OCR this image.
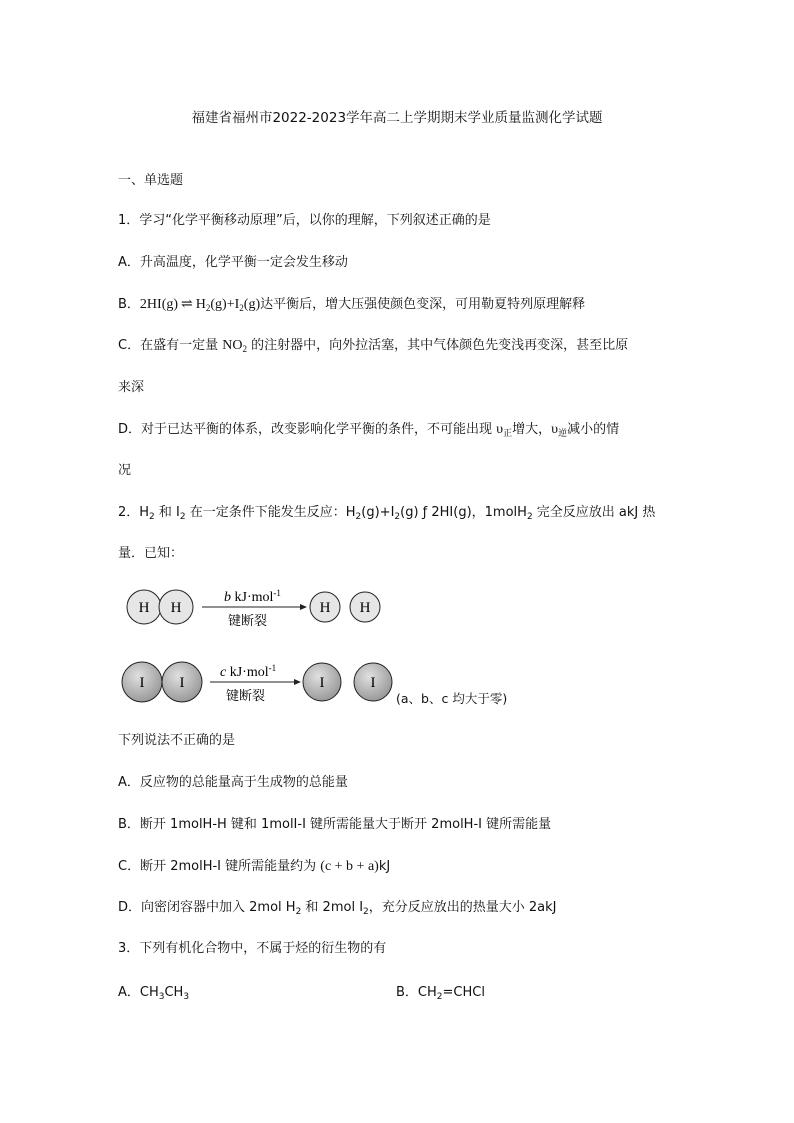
福建省福州市2022-2023学年高二上学期期末学业质量监测化学试题
一、单选题
1．学习“化学平衡移动原理”后，以你的理解，下列叙述正确的是
A．升高温度，化学平衡一定会发生移动
B．2HI(g) ⇌ $H_2(g)+I_2(g)$达平衡后，增大压强使颜色变深，可用勒夏特列原理解释
C．在盛有一定量 $NO_2$ 的注射器中，向外拉活塞，其中气体颜色先变浅再变深，甚至比原
来深
D．对于已达平衡的体系，改变影响化学平衡的条件，不可能出现 $\upsilon_正$增大，$\upsilon_逆$减小的情
况
2．$H_2$ 和 $I_2$ 在一定条件下能发生反应：$H_2(g)+I_2(g)$ ƒ 2HI(g)，1molH$_2$ 完全反应放出 akJ 热
量．已知：
H H
b kJ·mol$^{-1}$
键断裂
H H
I I
c kJ·mol$^{-1}$
键断裂
I	I
(a、b、c 均大于零)
下列说法不正确的是
A．反应物的总能量高于生成物的总能量
B．断开 1molH-H 键和 1molI-I 键所需能量大于断开 2molH-I 键所需能量
C．断开 2molH-I 键所需能量约为 (c + b + a)kJ
D．向密闭容器中加入 2mol $H_2$ 和 2mol $I_2$，充分反应放出的热量大小 2akJ
3．下列有机化合物中，不属于烃的衍生物的有
A．$CH_3CH_3$	B．$CH_2=CHCl$
